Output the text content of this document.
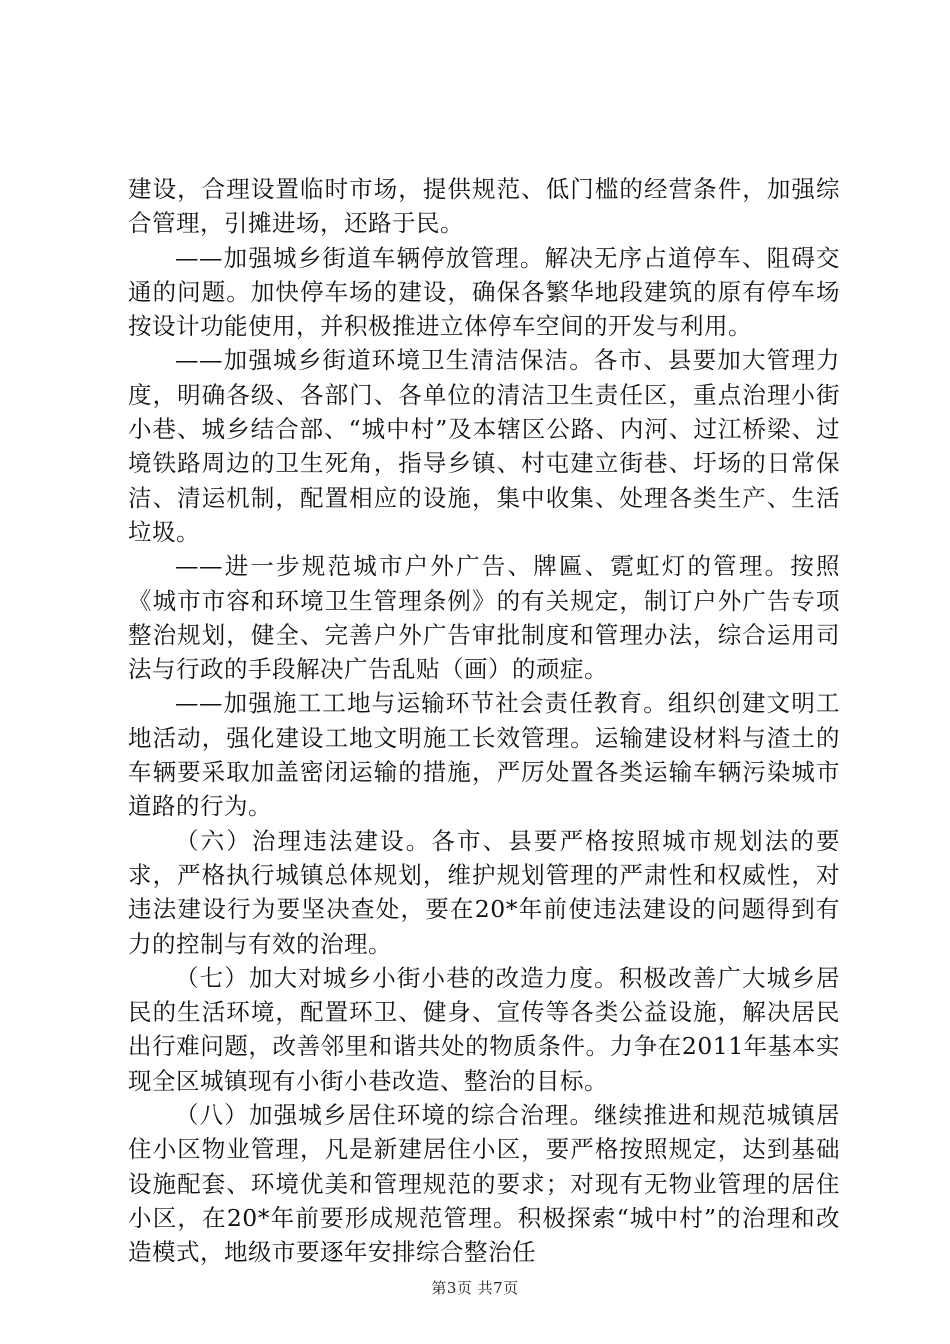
建设，合理设置临时市场，提供规范、低门槛的经营条件，加强综合管理，引摊进场，还路于民。

——加强城乡街道车辆停放管理。解决无序占道停车、阻碍交通的问题。加快停车场的建设，确保各繁华地段建筑的原有停车场按设计功能使用，并积极推进立体停车空间的开发与利用。

——加强城乡街道环境卫生清洁保洁。各市、县要加大管理力度，明确各级、各部门、各单位的清洁卫生责任区，重点治理小街小巷、城乡结合部、“城中村”及本辖区公路、内河、过江桥梁、过境铁路周边的卫生死角，指导乡镇、村屯建立街巷、圩场的日常保洁、清运机制，配置相应的设施，集中收集、处理各类生产、生活垃圾。

——进一步规范城市户外广告、牌匾、霓虹灯的管理。按照《城市市容和环境卫生管理条例》的有关规定，制订户外广告专项整治规划，健全、完善户外广告审批制度和管理办法，综合运用司法与行政的手段解决广告乱贴（画）的顽症。

——加强施工工地与运输环节社会责任教育。组织创建文明工地活动，强化建设工地文明施工长效管理。运输建设材料与渣土的车辆要采取加盖密闭运输的措施，严厉处置各类运输车辆污染城市道路的行为。

（六）治理违法建设。各市、县要严格按照城市规划法的要求，严格执行城镇总体规划，维护规划管理的严肃性和权威性，对违法建设行为要坚决查处，要在20*年前使违法建设的问题得到有力的控制与有效的治理。

（七）加大对城乡小街小巷的改造力度。积极改善广大城乡居民的生活环境，配置环卫、健身、宣传等各类公益设施，解决居民出行难问题，改善邻里和谐共处的物质条件。力争在2011年基本实现全区城镇现有小街小巷改造、整治的目标。

（八）加强城乡居住环境的综合治理。继续推进和规范城镇居住小区物业管理，凡是新建居住小区，要严格按照规定，达到基础设施配套、环境优美和管理规范的要求；对现有无物业管理的居住小区，在20*年前要形成规范管理。积极探索“城中村”的治理和改造模式，地级市要逐年安排综合整治任

第3页 共7页
